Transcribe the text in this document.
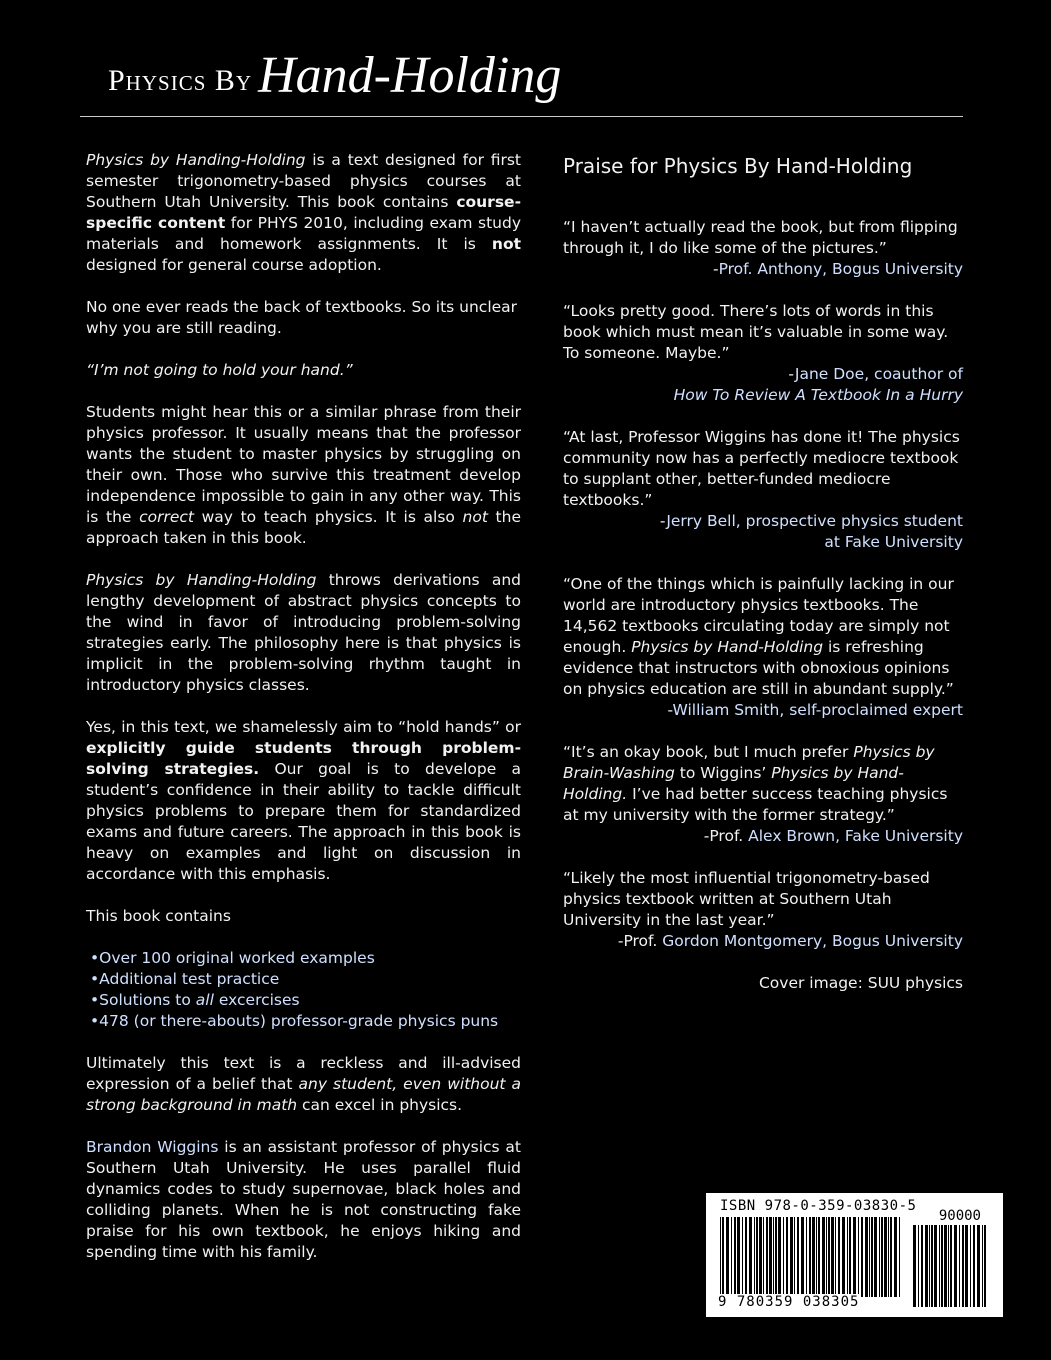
Physics By Hand-Holding

Physics by Handing-Holding is a text designed for first semester trigonometry-based physics courses at Southern Utah University. This book contains course-specific content for PHYS 2010, including exam study materials and homework assignments. It is not designed for general course adoption.

No one ever reads the back of textbooks. So its unclear why you are still reading.

“I’m not going to hold your hand.”

Students might hear this or a similar phrase from their physics professor. It usually means that the professor wants the student to master physics by struggling on their own. Those who survive this treatment develop independence impossible to gain in any other way. This is the correct way to teach physics. It is also not the approach taken in this book.

Physics by Handing-Holding throws derivations and lengthy development of abstract physics concepts to the wind in favor of introducing problem-solving strategies early. The philosophy here is that physics is implicit in the problem-solving rhythm taught in introductory physics classes.

Yes, in this text, we shamelessly aim to “hold hands” or explicitly guide students through problem-solving strategies. Our goal is to develope a student’s confidence in their ability to tackle difficult physics problems to prepare them for standardized exams and future careers. The approach in this book is heavy on examples and light on discussion in accordance with this emphasis.

This book contains

• Over 100 original worked examples
• Additional test practice
• Solutions to all excercises
• 478 (or there-abouts) professor-grade physics puns

Ultimately this text is a reckless and ill-advised expression of a belief that any student, even without a strong background in math can excel in physics.

Brandon Wiggins is an assistant professor of physics at Southern Utah University. He uses parallel fluid dynamics codes to study supernovae, black holes and colliding planets. When he is not constructing fake praise for his own textbook, he enjoys hiking and spending time with his family.

Praise for Physics By Hand-Holding

“I haven’t actually read the book, but from flipping through it, I do like some of the pictures.”

-Prof. Anthony, Bogus University

“Looks pretty good. There’s lots of words in this book which must mean it’s valuable in some way. To someone. Maybe.”

-Jane Doe, coauthor of

How To Review A Textbook In a Hurry

“At last, Professor Wiggins has done it! The physics community now has a perfectly mediocre textbook to supplant other, better-funded mediocre textbooks.”

-Jerry Bell, prospective physics student

at Fake University

“One of the things which is painfully lacking in our world are introductory physics textbooks. The 14,562 textbooks circulating today are simply not enough. Physics by Hand-Holding is refreshing evidence that instructors with obnoxious opinions on physics education are still in abundant supply.”

-William Smith, self-proclaimed expert

“It’s an okay book, but I much prefer Physics by Brain-Washing to Wiggins’ Physics by Hand-Holding. I’ve had better success teaching physics at my university with the former strategy.”

-Prof. Alex Brown, Fake University

“Likely the most influential trigonometry-based physics textbook written at Southern Utah University in the last year.”

-Prof. Gordon Montgomery, Bogus University

Cover image: SUU physics

ISBN 978-0-359-03830-5
90000
9 780359 038305
